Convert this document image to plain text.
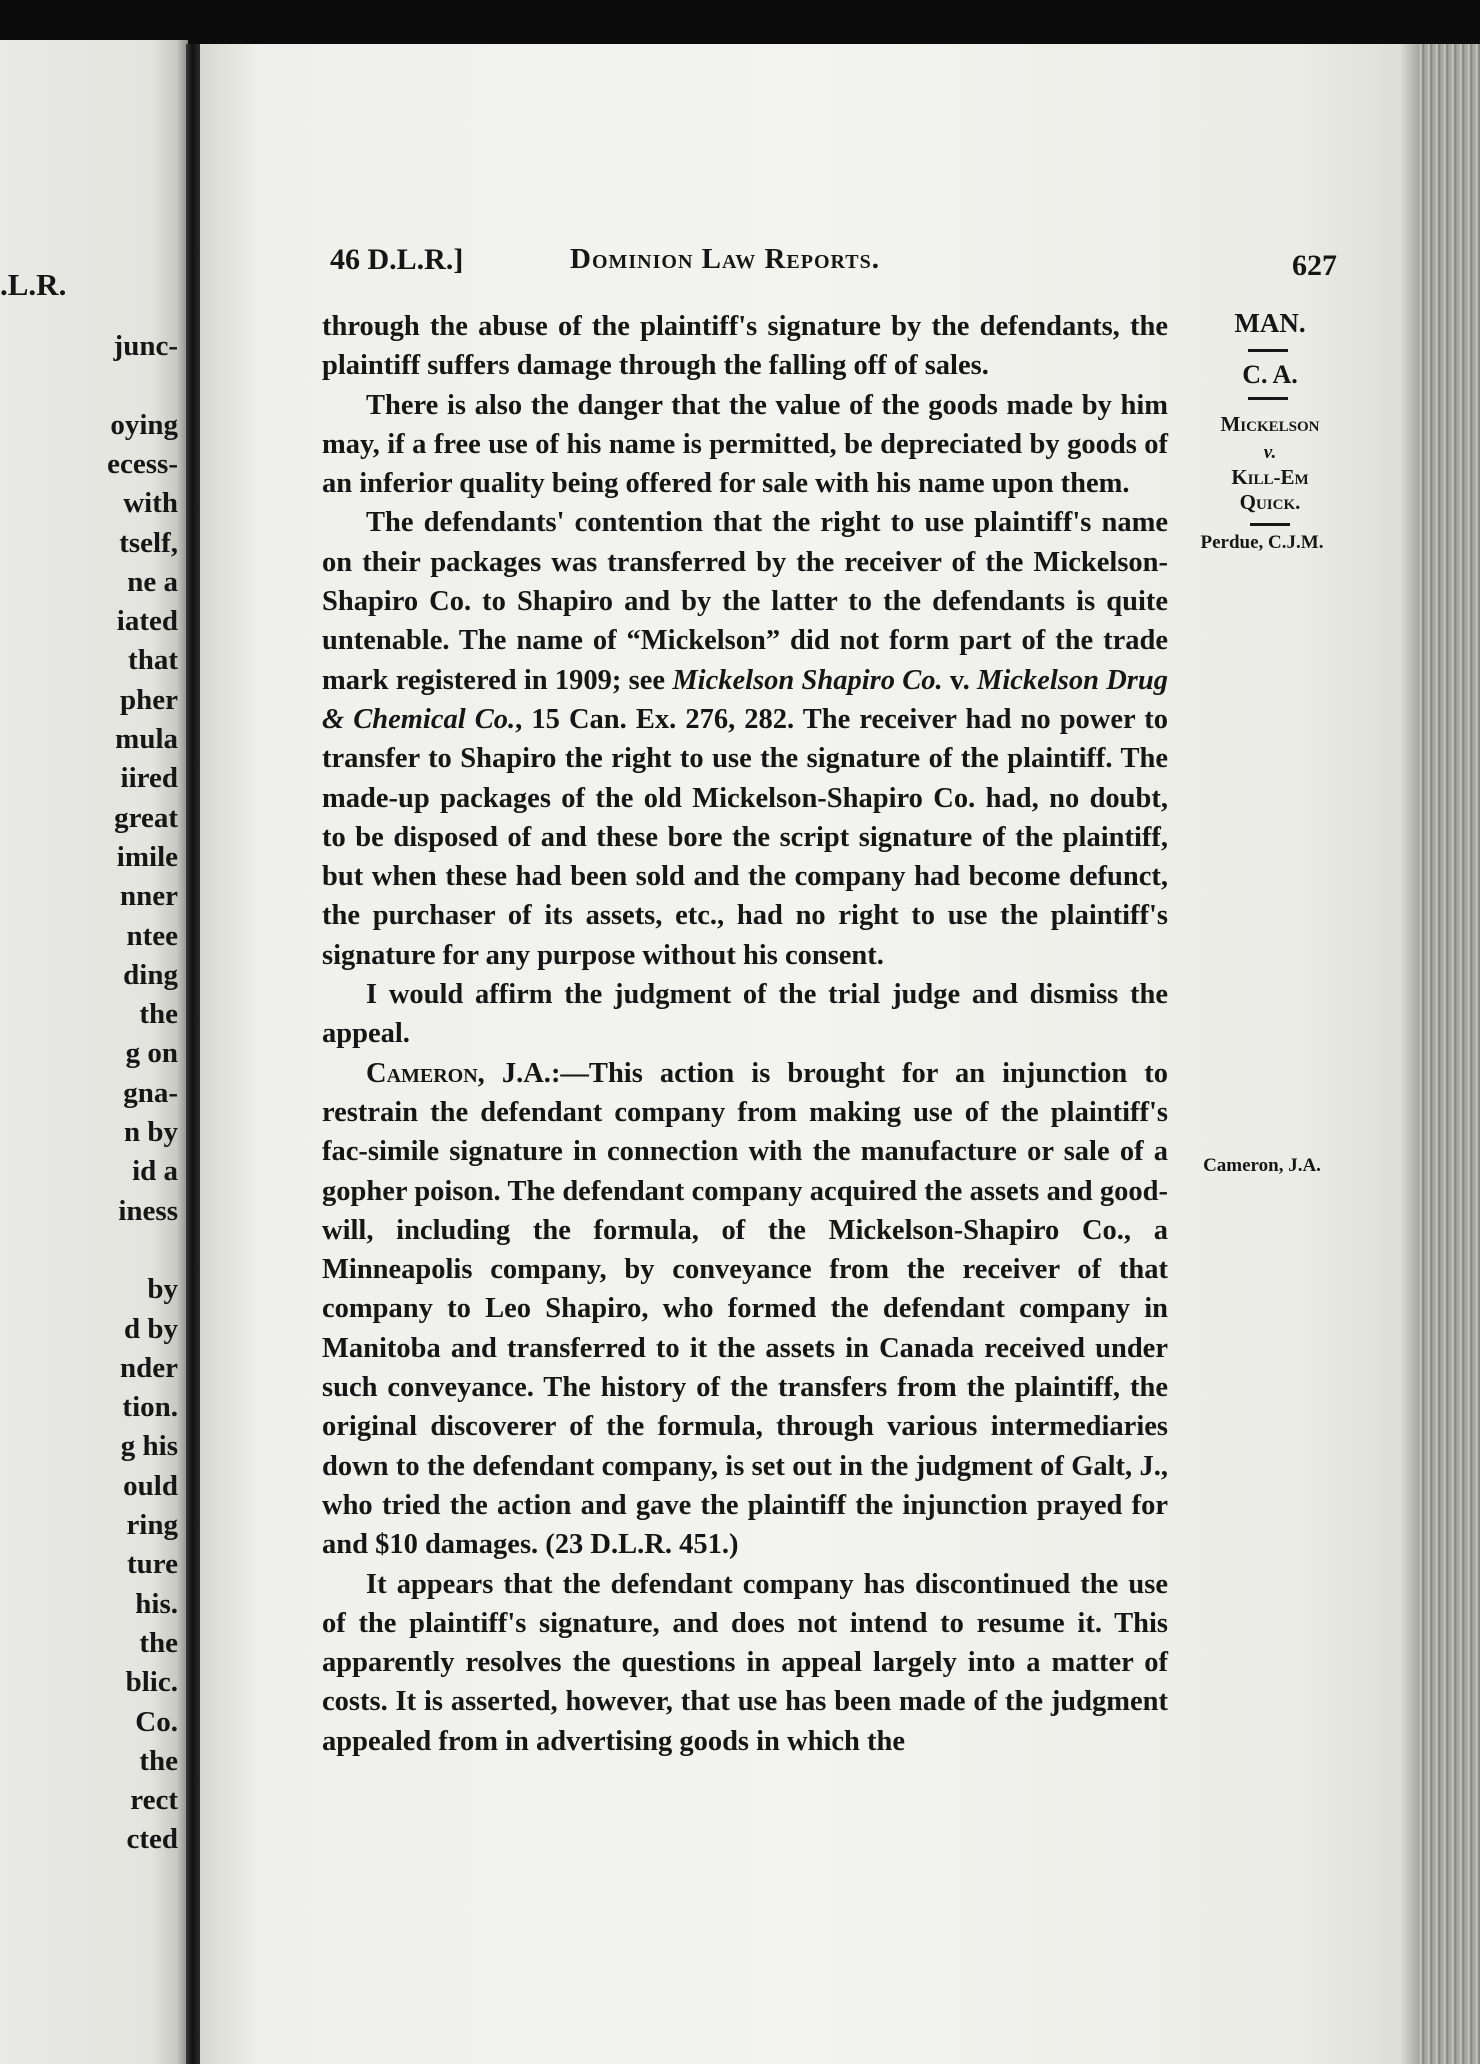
.L.R.
junc-
oying
ecess-
with
tself,
ne a
iated
that
pher
mula
iired
great
imile
nner
ntee
ding
the
g on
gna-
n by
id a
iness
by
d by
nder
tion.
g his
ould
ring
ture
his.
the
blic.
Co.
the
rect
cted
46 D.L.R.]	Dominion Law Reports.	627

through the abuse of the plaintiff's signature by the defendants, the plaintiff suffers damage through the falling off of sales.

There is also the danger that the value of the goods made by him may, if a free use of his name is permitted, be depreciated by goods of an inferior quality being offered for sale with his name upon them.

The defendants' contention that the right to use plaintiff's name on their packages was transferred by the receiver of the Mickelson-Shapiro Co. to Shapiro and by the latter to the defendants is quite untenable. The name of “Mickelson” did not form part of the trade mark registered in 1909; see Mickelson Shapiro Co. v. Mickelson Drug & Chemical Co., 15 Can. Ex. 276, 282. The receiver had no power to transfer to Shapiro the right to use the signature of the plaintiff. The made-up packages of the old Mickelson-Shapiro Co. had, no doubt, to be disposed of and these bore the script signature of the plaintiff, but when these had been sold and the company had become defunct, the purchaser of its assets, etc., had no right to use the plaintiff's signature for any purpose without his consent.

I would affirm the judgment of the trial judge and dismiss the appeal.

Cameron, J.A.:—This action is brought for an injunction to restrain the defendant company from making use of the plaintiff's fac-simile signature in connection with the manufacture or sale of a gopher poison. The defendant company acquired the assets and good-will, including the formula, of the Mickelson-Shapiro Co., a Minneapolis company, by conveyance from the receiver of that company to Leo Shapiro, who formed the defendant company in Manitoba and transferred to it the assets in Canada received under such conveyance. The history of the transfers from the plaintiff, the original discoverer of the formula, through various intermediaries down to the defendant company, is set out in the judgment of Galt, J., who tried the action and gave the plaintiff the injunction prayed for and $10 damages. (23 D.L.R. 451.)

It appears that the defendant company has discontinued the use of the plaintiff's signature, and does not intend to resume it. This apparently resolves the questions in appeal largely into a matter of costs. It is asserted, however, that use has been made of the judgment appealed from in advertising goods in which the

MAN.
C. A.
Mickelson
v.
Kill-Em
Quick.
Perdue, C.J.M.
Cameron, J.A.
